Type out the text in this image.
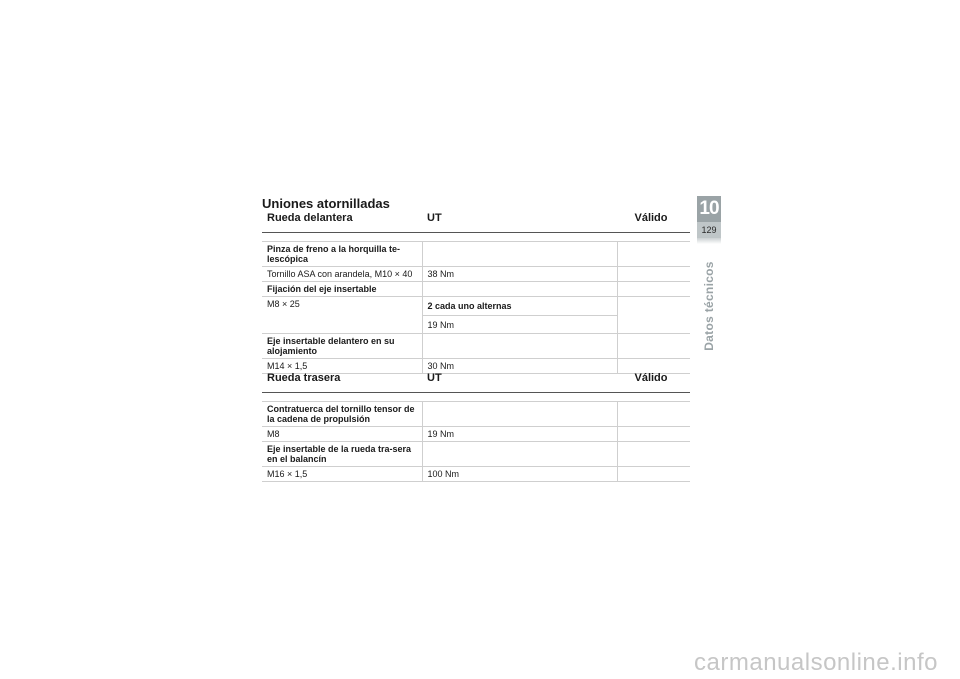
Uniones atornilladas
Rueda delantera	UT	Válido

Pinza de freno a la horquilla te-lescópica		
Tornillo ASA con arandela, M10 × 40	38 Nm	
Fijación del eje insertable		
M8 × 25	2 cada uno alternas	
	19 Nm	
Eje insertable delantero en su alojamiento		
M14 × 1,5	30 Nm	
Rueda trasera	UT	Válido

Contratuerca del tornillo tensor de la cadena de propulsión		
M8	19 Nm	
Eje insertable de la rueda tra-sera en el balancín		
M16 × 1,5	100 Nm	
10
129
Datos técnicos
carmanualsonline.info
